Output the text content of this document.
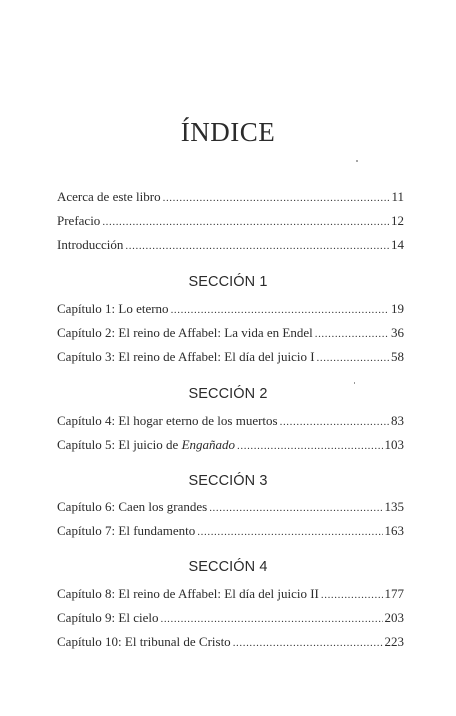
ÍNDICE
Acerca de este libro .....	11
Prefacio .....	12
Introducción .....	14
SECCIÓN 1
Capítulo 1: Lo eterno .....	19
Capítulo 2: El reino de Affabel: La vida en Endel .....	36
Capítulo 3: El reino de Affabel: El día del juicio I .....	58
SECCIÓN 2
Capítulo 4: El hogar eterno de los muertos .....	83
Capítulo 5: El juicio de Engañado .....	103
SECCIÓN 3
Capítulo 6: Caen los grandes .....	135
Capítulo 7: El fundamento .....	163
SECCIÓN 4
Capítulo 8: El reino de Affabel: El día del juicio II .....	177
Capítulo 9: El cielo .....	203
Capítulo 10: El tribunal de Cristo .....	223
